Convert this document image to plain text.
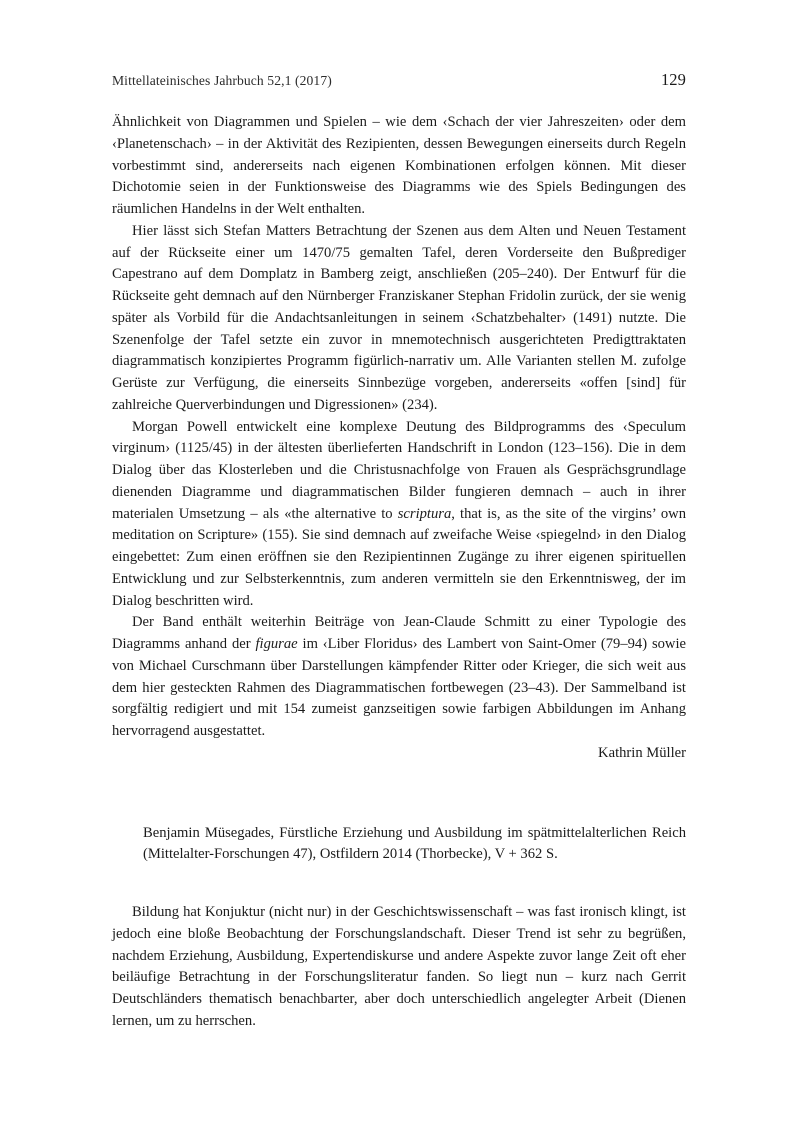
Mittellateinisches Jahrbuch 52,1 (2017)	129

Ähnlichkeit von Diagrammen und Spielen – wie dem ‹Schach der vier Jahreszeiten› oder dem ‹Planetenschach› – in der Aktivität des Rezipienten, dessen Bewegungen einerseits durch Regeln vorbestimmt sind, andererseits nach eigenen Kombinationen erfolgen können. Mit dieser Dichotomie seien in der Funktionsweise des Diagramms wie des Spiels Bedingungen des räumlichen Handelns in der Welt enthalten.

Hier lässt sich Stefan Matters Betrachtung der Szenen aus dem Alten und Neuen Testament auf der Rückseite einer um 1470/75 gemalten Tafel, deren Vorderseite den Bußprediger Capestrano auf dem Domplatz in Bamberg zeigt, anschließen (205–240). Der Entwurf für die Rückseite geht demnach auf den Nürnberger Franziskaner Stephan Fridolin zurück, der sie wenig später als Vorbild für die Andachtsanleitungen in seinem ‹Schatzbehalter› (1491) nutzte. Die Szenenfolge der Tafel setzte ein zuvor in mnemotechnisch ausgerichteten Predigttraktaten diagrammatisch konzipiertes Programm figürlich-narrativ um. Alle Varianten stellen M. zufolge Gerüste zur Verfügung, die einerseits Sinnbezüge vorgeben, andererseits «offen [sind] für zahlreiche Querverbindungen und Digressionen» (234).

Morgan Powell entwickelt eine komplexe Deutung des Bildprogramms des ‹Speculum virginum› (1125/45) in der ältesten überlieferten Handschrift in London (123–156). Die in dem Dialog über das Klosterleben und die Christusnachfolge von Frauen als Gesprächsgrundlage dienenden Diagramme und diagrammatischen Bilder fungieren demnach – auch in ihrer materialen Umsetzung – als «the alternative to scriptura, that is, as the site of the virgins’ own meditation on Scripture» (155). Sie sind demnach auf zweifache Weise ‹spiegelnd› in den Dialog eingebettet: Zum einen eröffnen sie den Rezipientinnen Zugänge zu ihrer eigenen spirituellen Entwicklung und zur Selbsterkenntnis, zum anderen vermitteln sie den Erkenntnisweg, der im Dialog beschritten wird.

Der Band enthält weiterhin Beiträge von Jean-Claude Schmitt zu einer Typologie des Diagramms anhand der figurae im ‹Liber Floridus› des Lambert von Saint-Omer (79–94) sowie von Michael Curschmann über Darstellungen kämpfender Ritter oder Krieger, die sich weit aus dem hier gesteckten Rahmen des Diagrammatischen fortbewegen (23–43). Der Sammelband ist sorgfältig redigiert und mit 154 zumeist ganzseitigen sowie farbigen Abbildungen im Anhang hervorragend ausgestattet.

Kathrin Müller

Benjamin Müsegades, Fürstliche Erziehung und Ausbildung im spätmittelalterlichen Reich (Mittelalter-Forschungen 47), Ostfildern 2014 (Thorbecke), V + 362 S.

Bildung hat Konjuktur (nicht nur) in der Geschichtswissenschaft – was fast ironisch klingt, ist jedoch eine bloße Beobachtung der Forschungslandschaft. Dieser Trend ist sehr zu begrüßen, nachdem Erziehung, Ausbildung, Expertendiskurse und andere Aspekte zuvor lange Zeit oft eher beiläufige Betrachtung in der Forschungsliteratur fanden. So liegt nun – kurz nach Gerrit Deutschländers thematisch benachbarter, aber doch unterschiedlich angelegter Arbeit (Dienen lernen, um zu herrschen.
